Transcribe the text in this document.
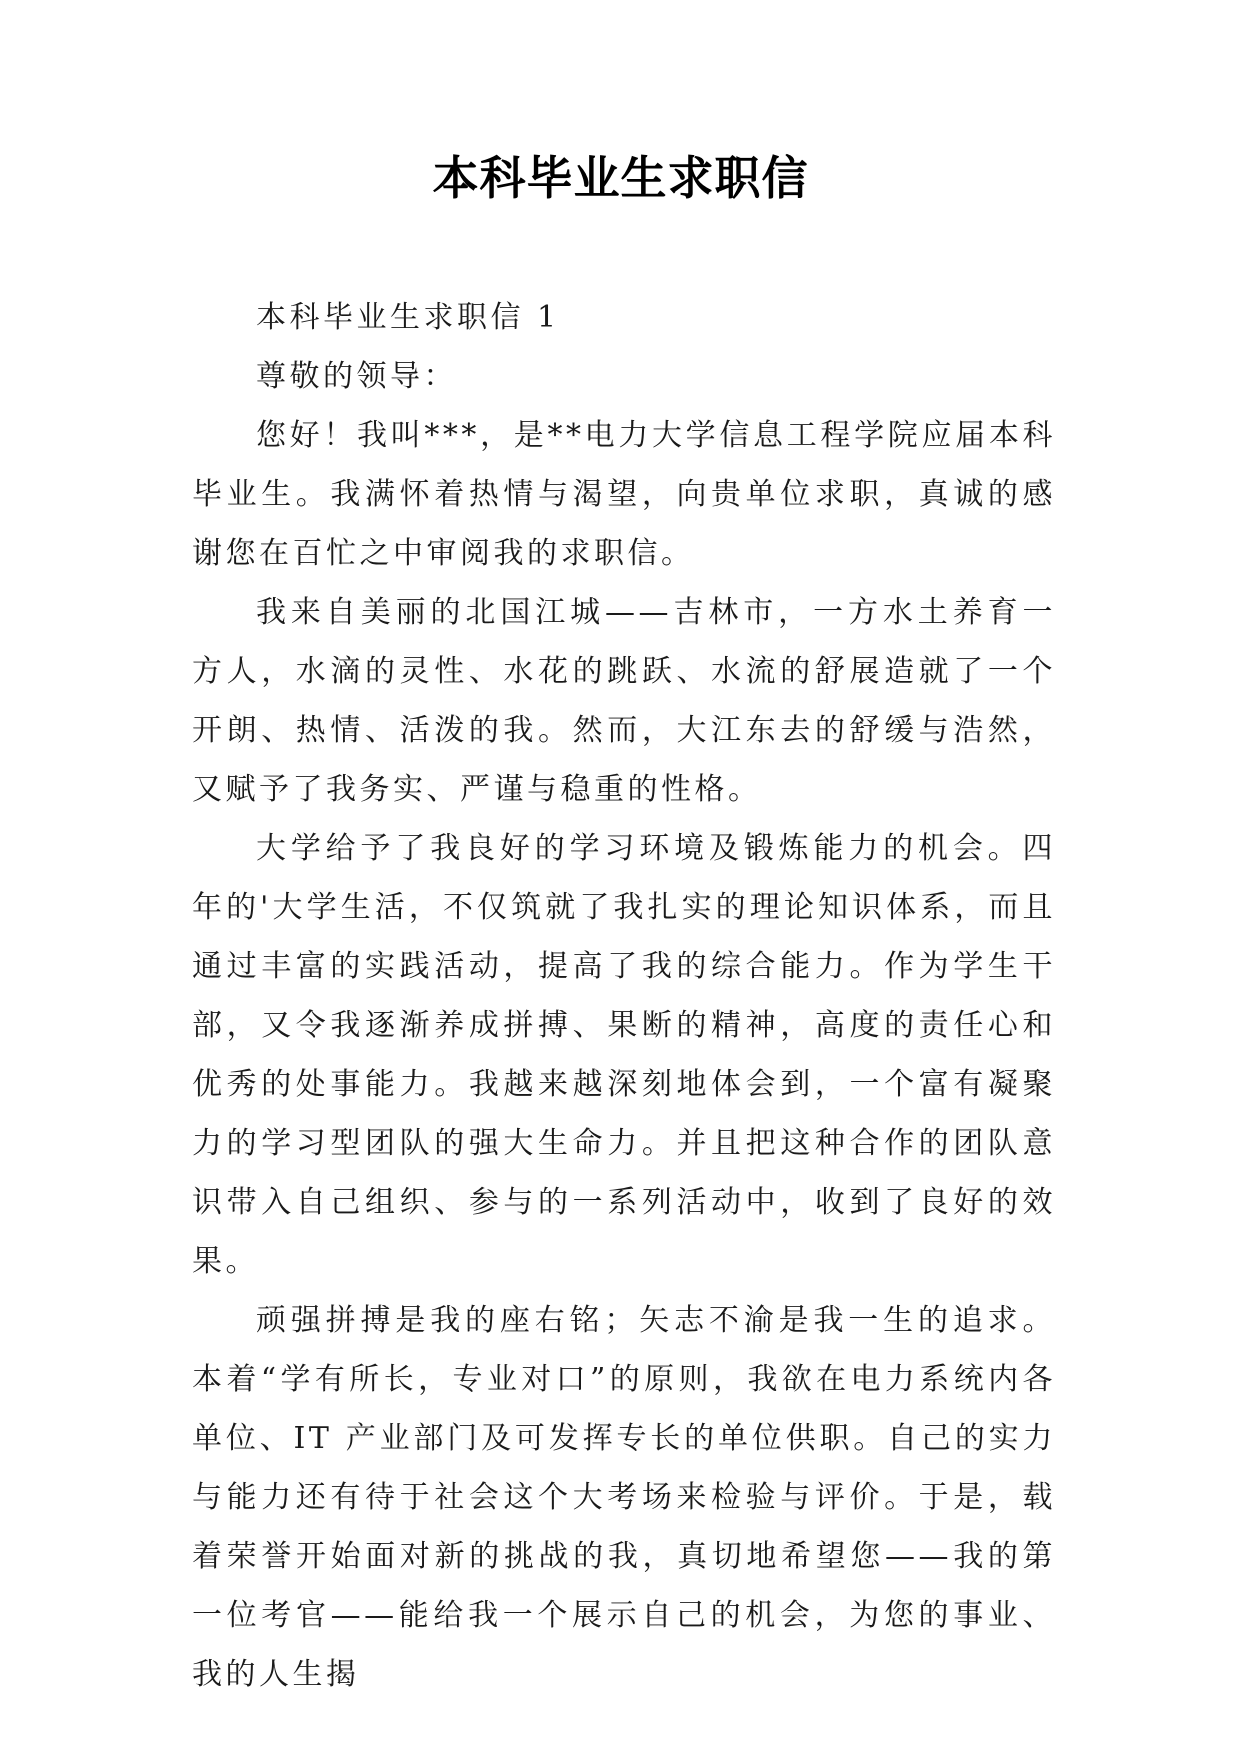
本科毕业生求职信

本科毕业生求职信 1

尊敬的领导：

您好！我叫***，是**电力大学信息工程学院应届本科毕业生。我满怀着热情与渴望，向贵单位求职，真诚的感谢您在百忙之中审阅我的求职信。

我来自美丽的北国江城——吉林市，一方水土养育一方人，水滴的灵性、水花的跳跃、水流的舒展造就了一个开朗、热情、活泼的我。然而，大江东去的舒缓与浩然，又赋予了我务实、严谨与稳重的性格。

大学给予了我良好的学习环境及锻炼能力的机会。四年的'大学生活，不仅筑就了我扎实的理论知识体系，而且通过丰富的实践活动，提高了我的综合能力。作为学生干部，又令我逐渐养成拼搏、果断的精神，高度的责任心和优秀的处事能力。我越来越深刻地体会到，一个富有凝聚力的学习型团队的强大生命力。并且把这种合作的团队意识带入自己组织、参与的一系列活动中，收到了良好的效果。

顽强拼搏是我的座右铭；矢志不渝是我一生的追求。本着“学有所长，专业对口”的原则，我欲在电力系统内各单位、IT 产业部门及可发挥专长的单位供职。自己的实力与能力还有待于社会这个大考场来检验与评价。于是，载着荣誉开始面对新的挑战的我，真切地希望您——我的第一位考官——能给我一个展示自己的机会，为您的事业、我的人生揭
